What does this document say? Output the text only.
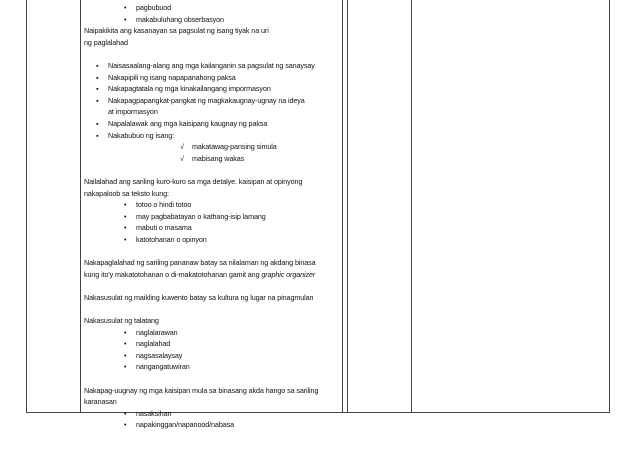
• pagbubuod
• makabuluhang obserbasyon

Naipakikita ang kasanayan sa pagsulat ng isang tiyak na uri

ng paglalahad

▪ Naisasaalang-alang ang mga kailanganin sa pagsulat ng sanaysay
▪ Nakapipili ng isang napapanahong paksa
▪ Nakapagtatala ng mga kinakailangang impormasyon
▪ Nakapagpapangkat-pangkat ng magkakaugnay-ugnay na ideya
at impormasyon
▪ Napalalawak ang mga kaisipang kaugnay ng paksa
▪ Nakabubuo ng isang:
√ makatawag-pansing simula
√ mabisang wakas

Nailalahad ang sariling kuro-kuro sa mga detalye. kaisipan at opinyong

nakapaloob sa teksto kung:

• totoo o hindi totoo
• may pagbabatayan o kathang-isip lamang
• mabuti o masama
• katotohanan o opinyon

Nakapaglalahad ng sariling pananaw batay sa nilalaman ng akdang binasa

kung ito'y makatotohanan o di-makatotohanan gamit ang graphic organizer

Nakasusulat ng maikling kuwento batay sa kultura ng lugar na pinagmulan

Nakasusulat ng talatang

• naglalarawan
• naglalahad
• nagsasalaysay
• nangangatuwiran

Nakapag-uugnay ng mga kaisipan mula sa binasang akda hango sa sariling

karanasan

• nasaksihan
• napakinggan/napanood/nabasa
